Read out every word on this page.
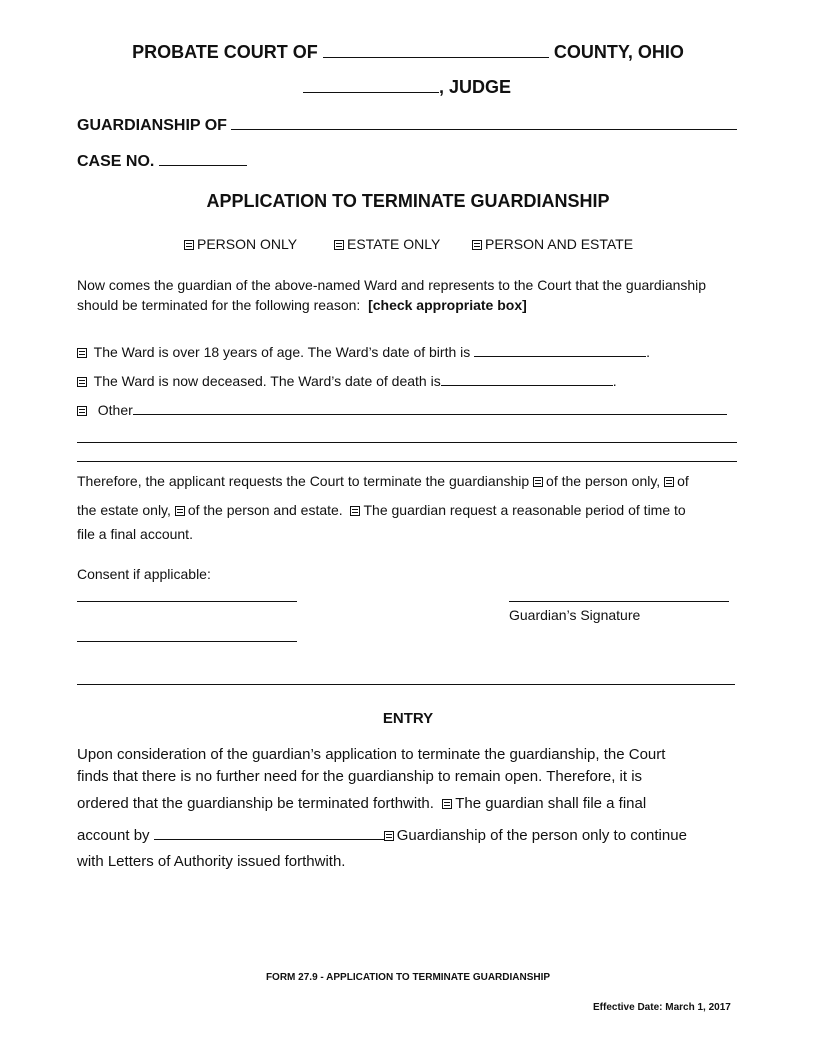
PROBATE COURT OF	COUNTY, OHIO
, JUDGE
GUARDIANSHIP OF
CASE NO.
APPLICATION TO TERMINATE GUARDIANSHIP
PERSON ONLY	ESTATE ONLY	PERSON AND ESTATE
Now comes the guardian of the above-named Ward and represents to the Court that the guardianship
should be terminated for the following reason: [check appropriate box]
The Ward is over 18 years of age. The Ward’s date of birth is	.
The Ward is now deceased. The Ward’s date of death is	.
Other
Therefore, the applicant requests the Court to terminate the guardianship of the person only, of
the estate only, of the person and estate. The guardian request a reasonable period of time to
file a final account.
Consent if applicable:
Guardian’s Signature
ENTRY
Upon consideration of the guardian’s application to terminate the guardianship, the Court
finds that there is no further need for the guardianship to remain open. Therefore, it is
ordered that the guardianship be terminated forthwith. The guardian shall file a final
account by	Guardianship of the person only to continue
with Letters of Authority issued forthwith.
FORM 27.9 - APPLICATION TO TERMINATE GUARDIANSHIP
Effective Date: March 1, 2017
